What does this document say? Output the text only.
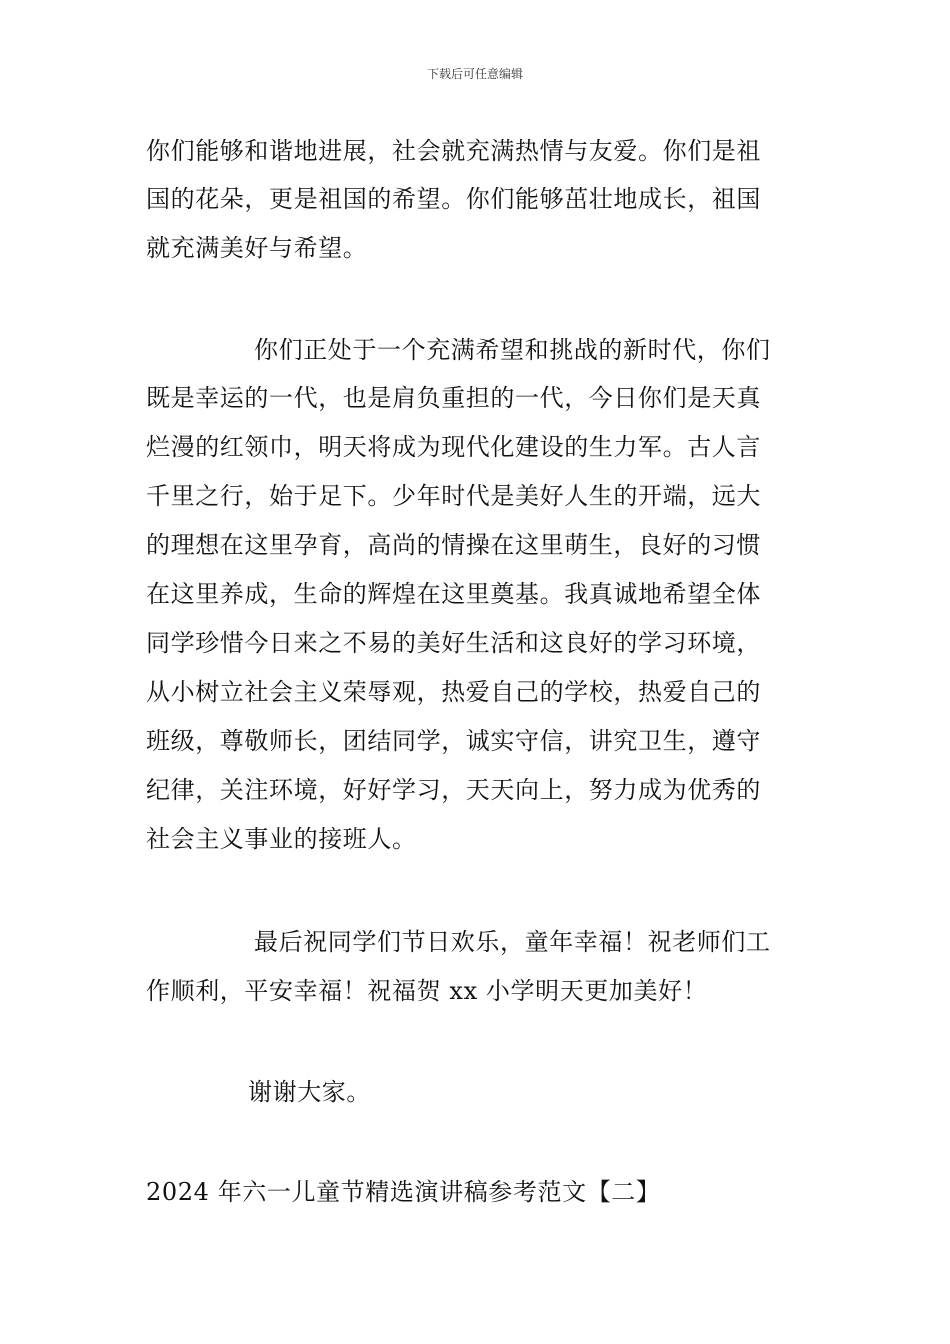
下载后可任意编辑
你们能够和谐地进展，社会就充满热情与友爱。你们是祖
国的花朵，更是祖国的希望。你们能够茁壮地成长，祖国
就充满美好与希望。
你们正处于一个充满希望和挑战的新时代，你们
既是幸运的一代，也是肩负重担的一代，今日你们是天真
烂漫的红领巾，明天将成为现代化建设的生力军。古人言
千里之行，始于足下。少年时代是美好人生的开端，远大
的理想在这里孕育，高尚的情操在这里萌生，良好的习惯
在这里养成，生命的辉煌在这里奠基。我真诚地希望全体
同学珍惜今日来之不易的美好生活和这良好的学习环境，
从小树立社会主义荣辱观，热爱自己的学校，热爱自己的
班级，尊敬师长，团结同学，诚实守信，讲究卫生，遵守
纪律，关注环境，好好学习，天天向上，努力成为优秀的
社会主义事业的接班人。
最后祝同学们节日欢乐，童年幸福！祝老师们工
作顺利，平安幸福！祝福贺 xx 小学明天更加美好！
谢谢大家。
2024 年六一儿童节精选演讲稿参考范文【二】
